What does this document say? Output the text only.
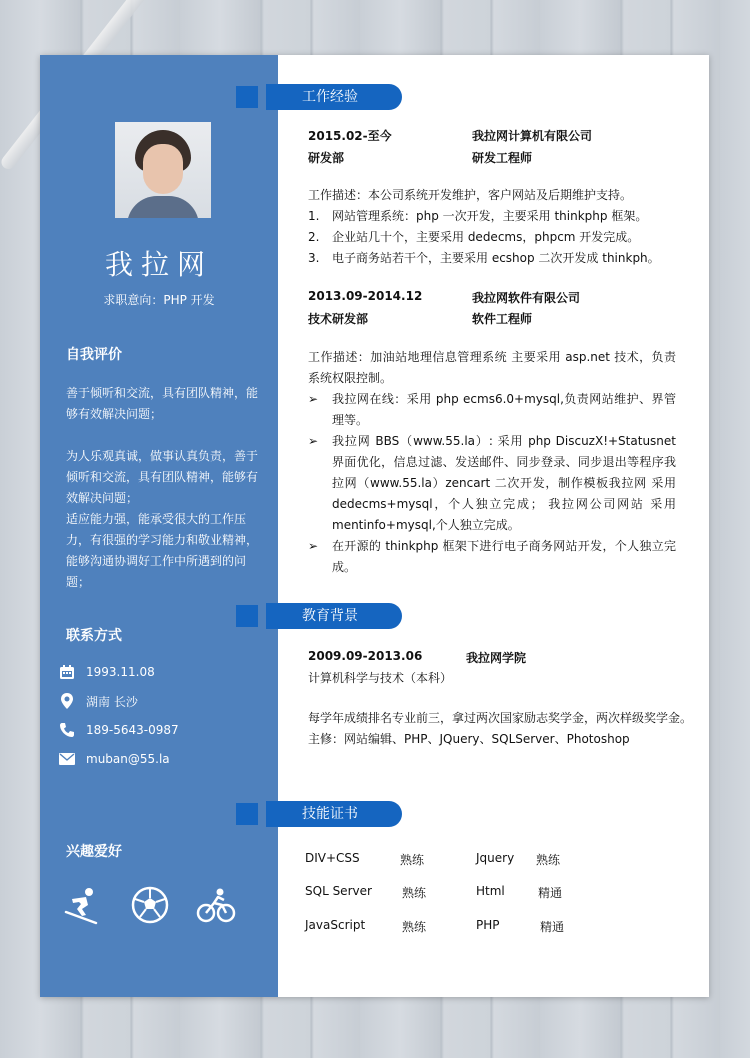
我拉网
求职意向：PHP 开发
自我评价

善于倾听和交流，具有团队精神，能够有效解决问题；

为人乐观真诚，做事认真负责，善于倾听和交流，具有团队精神，能够有效解决问题；

适应能力强，能承受很大的工作压力，有很强的学习能力和敬业精神，能够沟通协调好工作中所遇到的问题；

联系方式
1993.11.08
湖南 长沙
189-5643-0987
muban@55.la
兴趣爱好
工作经验
2015.02-至今	我拉网计算机有限公司
研发部	研发工程师
工作描述：本公司系统开发维护，客户网站及后期维护支持。
1. 网站管理系统：php 一次开发，主要采用 thinkphp 框架。
2. 企业站几十个，主要采用 dedecms，phpcm 开发完成。
3. 电子商务站若干个，主要采用 ecshop 二次开发成 thinkph。
2013.09-2014.12	我拉网软件有限公司
技术研发部	软件工程师
工作描述：加油站地理信息管理系统 主要采用 asp.net 技术，负责系统权限控制。
➢ 我拉网在线：采用 php ecms6.0+mysql,负责网站维护、界管理等。
➢ 我拉网 BBS（www.55.la）: 采用 php DiscuzX!+Statusnet 界面优化，信息过滤、发送邮件、同步登录、同步退出等程序我拉网（www.55.la）zencart 二次开发，制作模板我拉网 采用dedecms+mysql，个人独立完成； 我拉网公司网站 采用mentinfo+mysql,个人独立完成。
➢ 在开源的 thinkphp 框架下进行电子商务网站开发，个人独立完成。
教育背景
2009.09-2013.06	我拉网学院
计算机科学与技术（本科）
每学年成绩排名专业前三，拿过两次国家励志奖学金，两次样级奖学金。
主修：网站编辑、PHP、JQuery、SQLServer、Photoshop
技能证书
DIV+CSS	熟练	Jquery 熟练
SQL Server	熟练	Html	精通
JavaScript	熟练	PHP	精通
